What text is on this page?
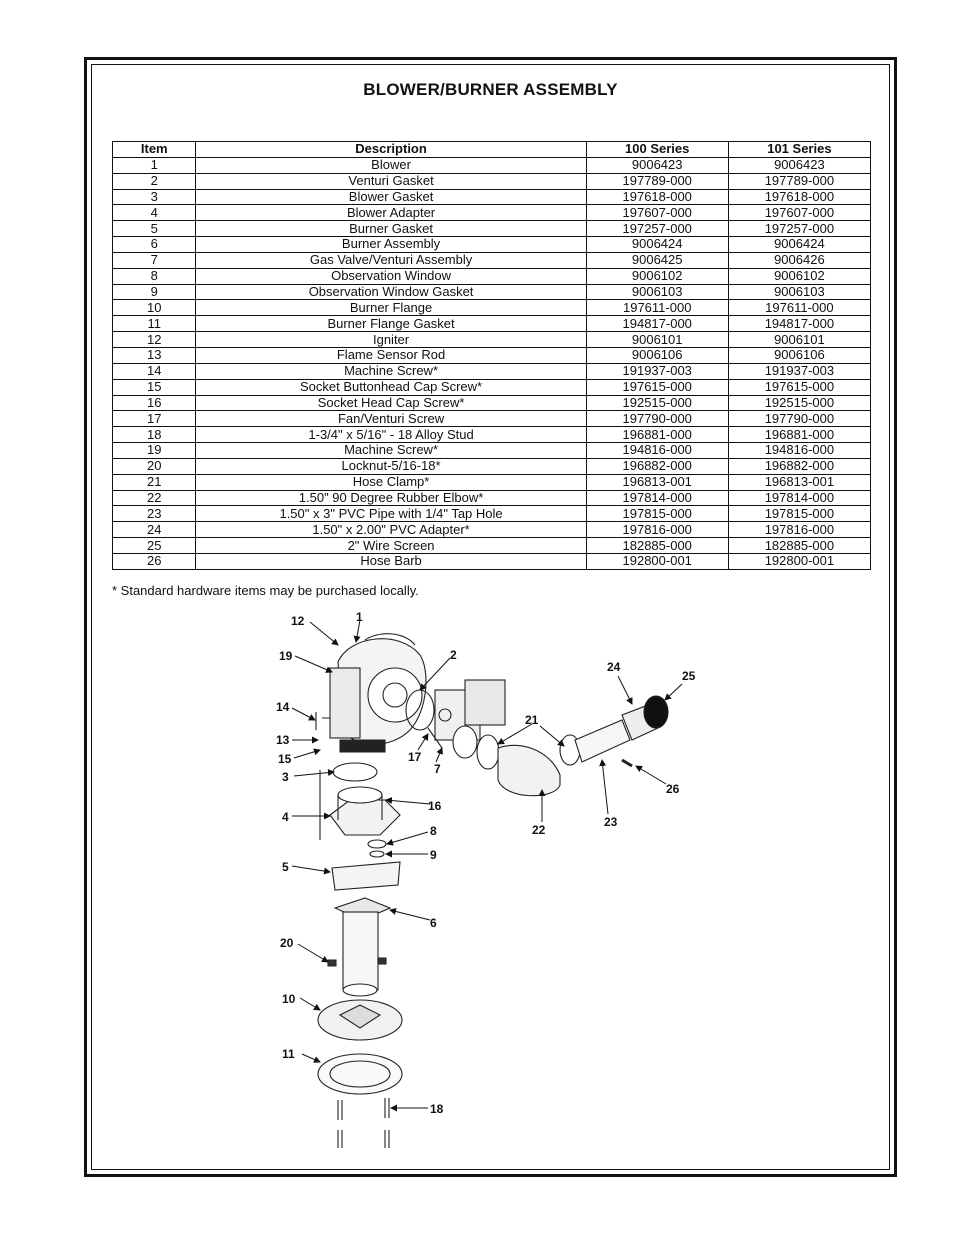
BLOWER/BURNER ASSEMBLY
Item	Description	100 Series	101 Series
1	Blower	9006423	9006423
2	Venturi Gasket	197789-000	197789-000
3	Blower Gasket	197618-000	197618-000
4	Blower Adapter	197607-000	197607-000
5	Burner Gasket	197257-000	197257-000
6	Burner Assembly	9006424	9006424
7	Gas Valve/Venturi Assembly	9006425	9006426
8	Observation Window	9006102	9006102
9	Observation Window Gasket	9006103	9006103
10	Burner Flange	197611-000	197611-000
11	Burner Flange Gasket	194817-000	194817-000
12	Igniter	9006101	9006101
13	Flame Sensor Rod	9006106	9006106
14	Machine Screw*	191937-003	191937-003
15	Socket Buttonhead Cap Screw*	197615-000	197615-000
16	Socket Head Cap Screw*	192515-000	192515-000
17	Fan/Venturi Screw	197790-000	197790-000
18	1-3/4" x 5/16" - 18 Alloy Stud	196881-000	196881-000
19	Machine Screw*	194816-000	194816-000
20	Locknut-5/16-18*	196882-000	196882-000
21	Hose Clamp*	196813-001	196813-001
22	1.50" 90 Degree Rubber Elbow*	197814-000	197814-000
23	1.50" x 3" PVC Pipe with 1/4" Tap Hole	197815-000	197815-000
24	1.50" x 2.00" PVC Adapter*	197816-000	197816-000
25	2" Wire Screen	182885-000	182885-000
26	Hose Barb	192800-001	192800-001
* Standard hardware items may be purchased locally.
1
2
3
4
5
6
7
8
9
10
11
12
13
14
15
16
17
18
19
20
21
22
23
24
25
26
